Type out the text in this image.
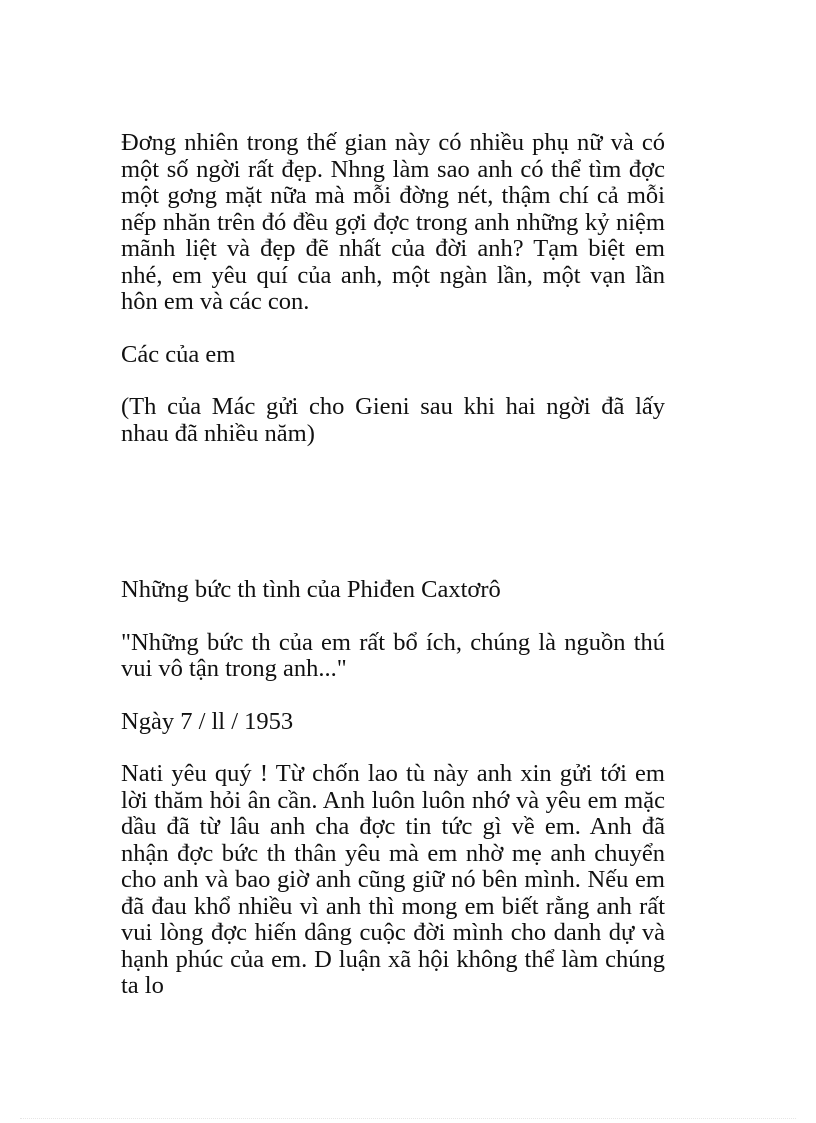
Đơng nhiên trong thế gian này có nhiều phụ nữ và có một số ngời rất đẹp. Nhng làm sao anh có thể tìm đợc một gơng mặt nữa mà mỗi đờng nét, thậm chí cả mỗi nếp nhăn trên đó đều gợi đợc trong anh những kỷ niệm mãnh liệt và đẹp đẽ nhất của đời anh? Tạm biệt em nhé, em yêu quí của anh, một ngàn lần, một vạn lần hôn em và các con.

Các của em

(Th của Mác gửi cho Gieni sau khi hai ngời đã lấy nhau đã nhiều năm)

Những bức th tình của Phiđen Caxtơrô

"Những bức th của em rất bổ ích, chúng là nguồn thú vui vô tận trong anh..."

Ngày 7 / ll / 1953

Nati yêu quý ! Từ chốn lao tù này anh xin gửi tới em lời thăm hỏi ân cần. Anh luôn luôn nhớ và yêu em mặc dầu đã từ lâu anh cha đợc tin tức gì về em. Anh đã nhận đợc bức th thân yêu mà em nhờ mẹ anh chuyển cho anh và bao giờ anh cũng giữ nó bên mình. Nếu em đã đau khổ nhiều vì anh thì mong em biết rằng anh rất vui lòng đợc hiến dâng cuộc đời mình cho danh dự và hạnh phúc của em. D luận xã hội không thể làm chúng ta lo
